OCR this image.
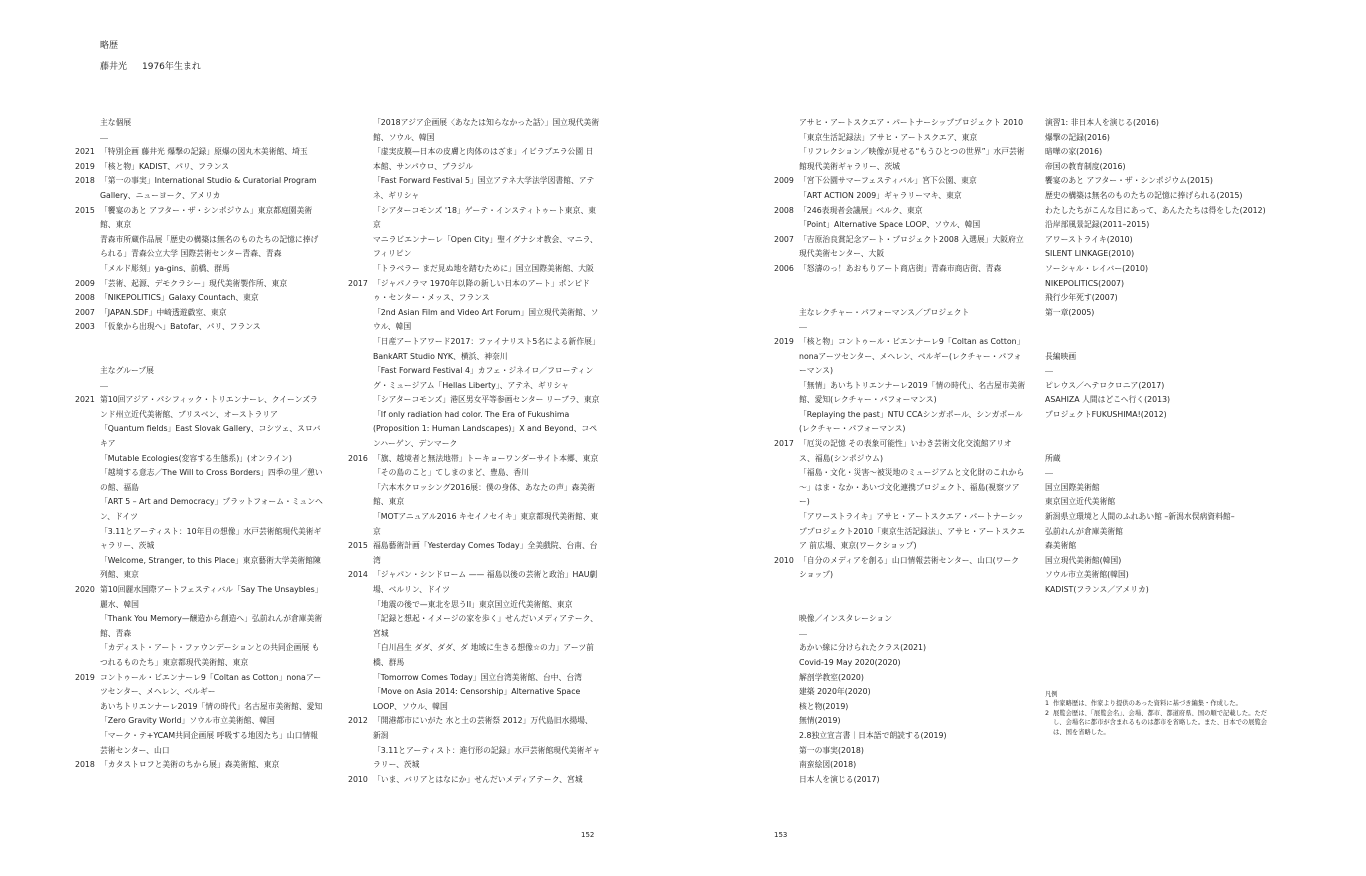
略歴
藤井光 1976年生まれ
主な個展
2021 「特別企画 藤井光 爆撃の記録」原爆の図丸木美術館、埼玉
2019 「核と物」KADIST、パリ、フランス
2018 「第一の事実」International Studio & Curatorial Program Gallery、ニューヨーク、アメリカ
2015 「饗宴のあと アフター・ザ・シンポジウム」東京都庭園美術館、東京
青森市所蔵作品展「歴史の構築は無名のものたちの記憶に捧げられる」青森公立大学 国際芸術センター青森、青森
「メルド彫刻」ya-gins、前橋、群馬
2009 「芸術、起源、デモクラシー」現代美術製作所、東京
2008 「NIKEPOLITICS」Galaxy Countach、東京
2007 「JAPAN.SDF」中崎透遊戯室、東京
2003 「仮象から出現へ」Batofar、パリ、フランス
主なグループ展
2021 第10回アジア・パシフィック・トリエンナーレ、クイーンズランド州立近代美術館、ブリスベン、オーストラリア
「Quantum fields」East Slovak Gallery、コシツェ、スロバキア
「Mutable Ecologies(変容する生態系)」(オンライン)
「越境する意志／The Will to Cross Borders」四季の里／憩いの館、福島
「ART 5 – Art and Democracy」プラットフォーム・ミュンヘン、ドイツ
「3.11とアーティスト：10年目の想像」水戸芸術館現代美術ギャラリー、茨城
「Welcome, Stranger, to this Place」東京藝術大学美術館陳列館、東京
2020 第10回麗水国際アートフェスティバル「Say The Unsaybles」麗水、韓国
「Thank You Memory—醸造から創造へ」弘前れんが倉庫美術館、青森
「カディスト・アート・ファウンデーションとの共同企画展 もつれるものたち」東京都現代美術館、東京
2019 コントゥール・ビエンナーレ9「Coltan as Cotton」nonaアーツセンター、メヘレン、ベルギー
あいちトリエンナーレ2019「情の時代」名古屋市美術館、愛知
「Zero Gravity World」ソウル市立美術館、韓国
「マーク・テ+YCAM共同企画展 呼吸する地図たち」山口情報芸術センター、山口
2018 「カタストロフと美術のちから展」森美術館、東京
「2018アジア企画展〈あなたは知らなかった話〉」国立現代美術館、ソウル、韓国
「虚実皮膜—日本の皮膚と肉体のはざま」イビラプエラ公園 日本館、サンパウロ、ブラジル
「Fast Forward Festival 5」国立アテネ大学法学図書館、アテネ、ギリシャ
「シアターコモンズ '18」ゲーテ・インスティトゥート東京、東京
マニラビエンナーレ「Open City」聖イグナシオ教会、マニラ、フィリピン
「トラベラー まだ見ぬ地を踏むために」国立国際美術館、大阪
2017 「ジャパノラマ 1970年以降の新しい日本のアート」ポンピドゥ・センター・メッス、フランス
「2nd Asian Film and Video Art Forum」国立現代美術館、ソウル、韓国
「日産アートアワード2017：ファイナリスト5名による新作展」BankART Studio NYK、横浜、神奈川
「Fast Forward Festival 4」カフェ・ジネイロ／フローティング・ミュージアム「Hellas Liberty」、アテネ、ギリシャ
「シアターコモンズ」港区男女平等参画センター リーブラ、東京
「If only radiation had color. The Era of Fukushima (Proposition 1: Human Landscapes)」X and Beyond、コペンハーゲン、デンマーク
2016 「旗、越境者と無法地帯」トーキョーワンダーサイト本郷、東京
「その島のこと」てしまのまど、豊島、香川
「六本木クロッシング2016展：僕の身体、あなたの声」森美術館、東京
「MOTアニュアル2016 キセイノセイキ」東京都現代美術館、東京
2015 福島藝術計画「Yesterday Comes Today」全美戲院、台南、台湾
2014 「ジャパン・シンドローム —— 福島以後の芸術と政治」HAU劇場、ベルリン、ドイツ
「地震の後で—東北を思うII」東京国立近代美術館、東京
「記録と想起・イメージの家を歩く」せんだいメディアテーク、宮城
「白川昌生 ダダ、ダダ、ダ 地域に生きる想像☆の力」アーツ前橋、群馬
「Tomorrow Comes Today」国立台湾美術館、台中、台湾
「Move on Asia 2014: Censorship」Alternative Space LOOP、ソウル、韓国
2012 「開港都市にいがた 水と土の芸術祭 2012」万代島旧水揚場、新潟
「3.11とアーティスト：進行形の記録」水戸芸術館現代美術ギャラリー、茨城
2010 「いま、バリアとはなにか」せんだいメディアテーク、宮城
アサヒ・アートスクエア・パートナーシッププロジェクト 2010
「東京生活記録法」アサヒ・アートスクエア、東京
「リフレクション／映像が見せる“もうひとつの世界”」水戸芸術館現代美術ギャラリー、茨城
2009 「宮下公園サマーフェスティバル」宮下公園、東京
「ART ACTION 2009」ギャラリーマキ、東京
2008 「246表現者会議展」ベルク、東京
「Point」Alternative Space LOOP、ソウル、韓国
2007 「吉原治良賞記念アート・プロジェクト2008 入選展」大阪府立現代美術センター、大阪
2006 「怒濤のっ！あおもりアート商店街」青森市商店街、青森
主なレクチャー・パフォーマンス／プロジェクト
2019 「核と物」コントゥール・ビエンナーレ9「Coltan as Cotton」nonaアーツセンター、メヘレン、ベルギー(レクチャー・パフォーマンス)
「無情」あいちトリエンナーレ2019「情の時代」、名古屋市美術館、愛知(レクチャー・パフォーマンス)
「Replaying the past」NTU CCAシンガポール、シンガポール(レクチャー・パフォーマンス)
2017 「厄災の記憶 その表象可能性」いわき芸術文化交流館アリオス、福島(シンポジウム)
「福島・文化・災害～被災地のミュージアムと文化財のこれから～」はま・なか・あいづ文化連携プロジェクト、福島(視察ツアー)
「アワーストライキ」アサヒ・アートスクエア・パートナーシッププロジェクト2010「東京生活記録法」、アサヒ・アートスクエア 前広場、東京(ワークショップ)
2010 「自分のメディアを創る」山口情報芸術センター、山口(ワークショップ)
映像／インスタレーション
あかい線に分けられたクラス(2021)
Covid-19 May 2020(2020)
解剖学教室(2020)
建築 2020年(2020)
核と物(2019)
無情(2019)
2.8独立宣言書｜日本語で朗読する(2019)
第一の事実(2018)
南蛮絵図(2018)
日本人を演じる(2017)
演習1: 非日本人を演じる(2016)
爆撃の記録(2016)
暗嘩の家(2016)
帝国の教育制度(2016)
饗宴のあと アフター・ザ・シンポジウム(2015)
歴史の構築は無名のものたちの記憶に捧げられる(2015)
わたしたちがこんな目にあって、あんたたちは得をした(2012)
沿岸部風景記録(2011–2015)
アワーストライキ(2010)
SILENT LINKAGE(2010)
ソーシャル・レイバー(2010)
NIKEPOLITICS(2007)
飛行少年死す(2007)
第一章(2005)
長編映画
ピレウス／ヘテロクロニア(2017)
ASAHIZA 人間はどこへ行く(2013)
プロジェクトFUKUSHIMA!(2012)
所蔵
国立国際美術館
東京国立近代美術館
新潟県立環境と人間のふれあい館 –新潟水俣病資料館–
弘前れんが倉庫美術館
森美術館
国立現代美術館(韓国)
ソウル市立美術館(韓国)
KADIST(フランス／アメリカ)
凡例
1 作家略歴は、作家より提供のあった資料に基づき編集・作成した。
2 展覧会歴は、「展覧会名」、会場、都市、都道府県、国の順で記載した。ただし、会場名に都市が含まれるものは都市を省略した。また、日本での展覧会は、国を省略した。
152	153
